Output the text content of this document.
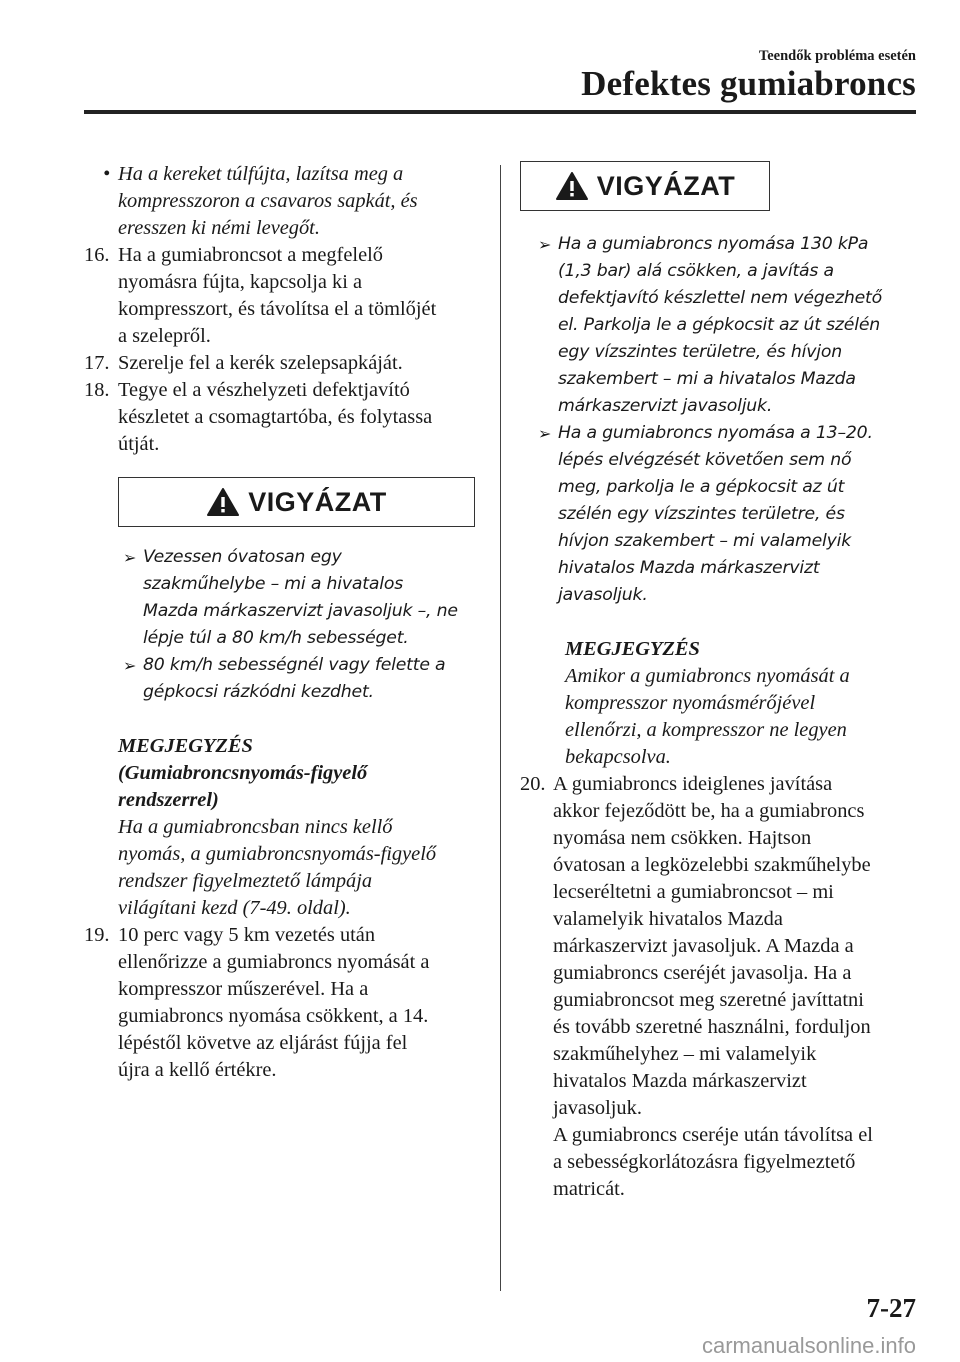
Teendők probléma esetén
Defektes gumiabroncs
• Ha a kereket túlfújta, lazítsa meg a
kompresszoron a csavaros sapkát, és
eresszen ki némi levegőt.
16. Ha a gumiabroncsot a megfelelő
nyomásra fújta, kapcsolja ki a
kompresszort, és távolítsa el a tömlőjét
a szelepről.
17. Szerelje fel a kerék szelepsapkáját.
18. Tegye el a vészhelyzeti defektjavító
készletet a csomagtartóba, és folytassa
útját.
VIGYÁZAT
➢ Vezessen óvatosan egy
szakműhelybe – mi a hivatalos
Mazda márkaszervizt javasoljuk –, ne
lépje túl a 80 km/h sebességet.
➢ 80 km/h sebességnél vagy felette a
gépkocsi rázkódni kezdhet.
MEGJEGYZÉS
(Gumiabroncsnyomás-figyelő
rendszerrel)
Ha a gumiabroncsban nincs kellő
nyomás, a gumiabroncsnyomás-figyelő
rendszer figyelmeztető lámpája
világítani kezd (7-49. oldal).
19. 10 perc vagy 5 km vezetés után
ellenőrizze a gumiabroncs nyomását a
kompresszor műszerével. Ha a
gumiabroncs nyomása csökkent, a 14.
lépéstől követve az eljárást fújja fel
újra a kellő értékre.
VIGYÁZAT
➢ Ha a gumiabroncs nyomása 130 kPa
(1,3 bar) alá csökken, a javítás a
defektjavító készlettel nem végezhető
el. Parkolja le a gépkocsit az út szélén
egy vízszintes területre, és hívjon
szakembert – mi a hivatalos Mazda
márkaszervizt javasoljuk.
➢ Ha a gumiabroncs nyomása a 13–20.
lépés elvégzését követően sem nő
meg, parkolja le a gépkocsit az út
szélén egy vízszintes területre, és
hívjon szakembert – mi valamelyik
hivatalos Mazda márkaszervizt
javasoljuk.
MEGJEGYZÉS
Amikor a gumiabroncs nyomását a
kompresszor nyomásmérőjével
ellenőrzi, a kompresszor ne legyen
bekapcsolva.
20. A gumiabroncs ideiglenes javítása
akkor fejeződött be, ha a gumiabroncs
nyomása nem csökken. Hajtson
óvatosan a legközelebbi szakműhelybe
lecseréltetni a gumiabroncsot – mi
valamelyik hivatalos Mazda
márkaszervizt javasoljuk. A Mazda a
gumiabroncs cseréjét javasolja. Ha a
gumiabroncsot meg szeretné javíttatni
és tovább szeretné használni, forduljon
szakműhelyhez – mi valamelyik
hivatalos Mazda márkaszervizt
javasoljuk.
A gumiabroncs cseréje után távolítsa el
a sebességkorlátozásra figyelmeztető
matricát.
7-27
carmanualsonline.info
